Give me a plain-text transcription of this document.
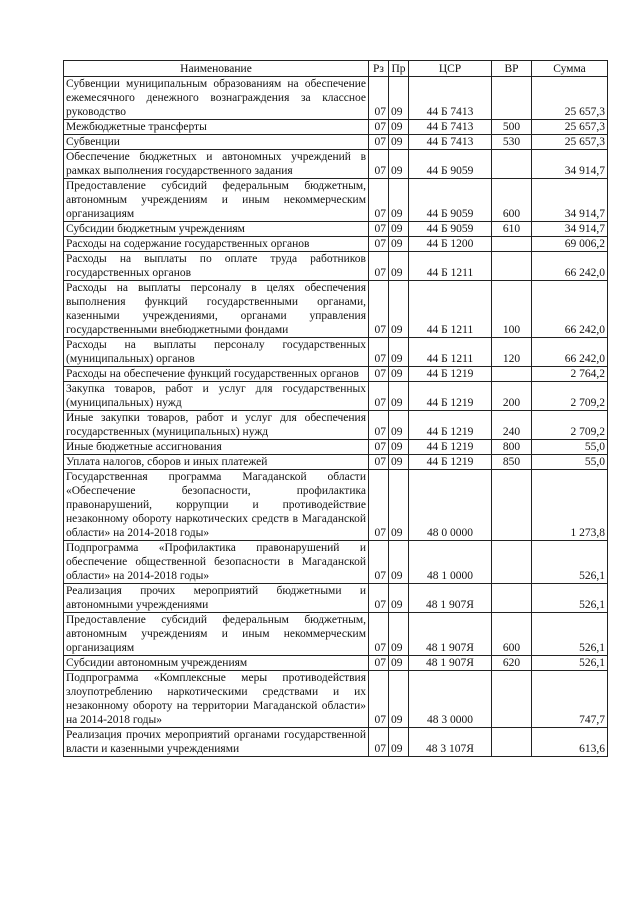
Наименование	Рз	Пр	ЦСР	ВР	Сумма
Субвенции муниципальным образованиям на обеспечение ежемесячного денежного вознаграждения за классное руководство	07	09	44 Б 7413		25 657,3
Межбюджетные трансферты	07	09	44 Б 7413	500	25 657,3
Субвенции	07	09	44 Б 7413	530	25 657,3
Обеспечение бюджетных и автономных учреждений в рамках выполнения государственного задания	07	09	44 Б 9059		34 914,7
Предоставление субсидий федеральным бюджетным, автономным учреждениям и иным некоммерческим организациям	07	09	44 Б 9059	600	34 914,7
Субсидии бюджетным учреждениям	07	09	44 Б 9059	610	34 914,7
Расходы на содержание государственных органов	07	09	44 Б 1200		69 006,2
Расходы на выплаты по оплате труда работников государственных органов	07	09	44 Б 1211		66 242,0
Расходы на выплаты персоналу в целях обеспечения выполнения функций государственными органами, казенными учреждениями, органами управления государственными внебюджетными фондами	07	09	44 Б 1211	100	66 242,0
Расходы на выплаты персоналу государственных (муниципальных) органов	07	09	44 Б 1211	120	66 242,0
Расходы на обеспечение функций государственных органов	07	09	44 Б 1219		2 764,2
Закупка товаров, работ и услуг для государственных (муниципальных) нужд	07	09	44 Б 1219	200	2 709,2
Иные закупки товаров, работ и услуг для обеспечения государственных (муниципальных) нужд	07	09	44 Б 1219	240	2 709,2
Иные бюджетные ассигнования	07	09	44 Б 1219	800	55,0
Уплата налогов, сборов и иных платежей	07	09	44 Б 1219	850	55,0
Государственная программа Магаданской области «Обеспечение безопасности, профилактика правонарушений, коррупции и противодействие незаконному обороту наркотических средств в Магаданской области» на 2014-2018 годы»	07	09	48 0 0000		1 273,8
Подпрограмма «Профилактика правонарушений и обеспечение общественной безопасности в Магаданской области» на 2014-2018 годы»	07	09	48 1 0000		526,1
Реализация прочих мероприятий бюджетными и автономными учреждениями	07	09	48 1 907Я		526,1
Предоставление субсидий федеральным бюджетным, автономным учреждениям и иным некоммерческим организациям	07	09	48 1 907Я	600	526,1
Субсидии автономным учреждениям	07	09	48 1 907Я	620	526,1
Подпрограмма «Комплексные меры противодействия злоупотреблению наркотическими средствами и их незаконному обороту на территории Магаданской области» на 2014-2018 годы»	07	09	48 3 0000		747,7
Реализация прочих мероприятий органами государственной власти и казенными учреждениями	07	09	48 3 107Я		613,6
